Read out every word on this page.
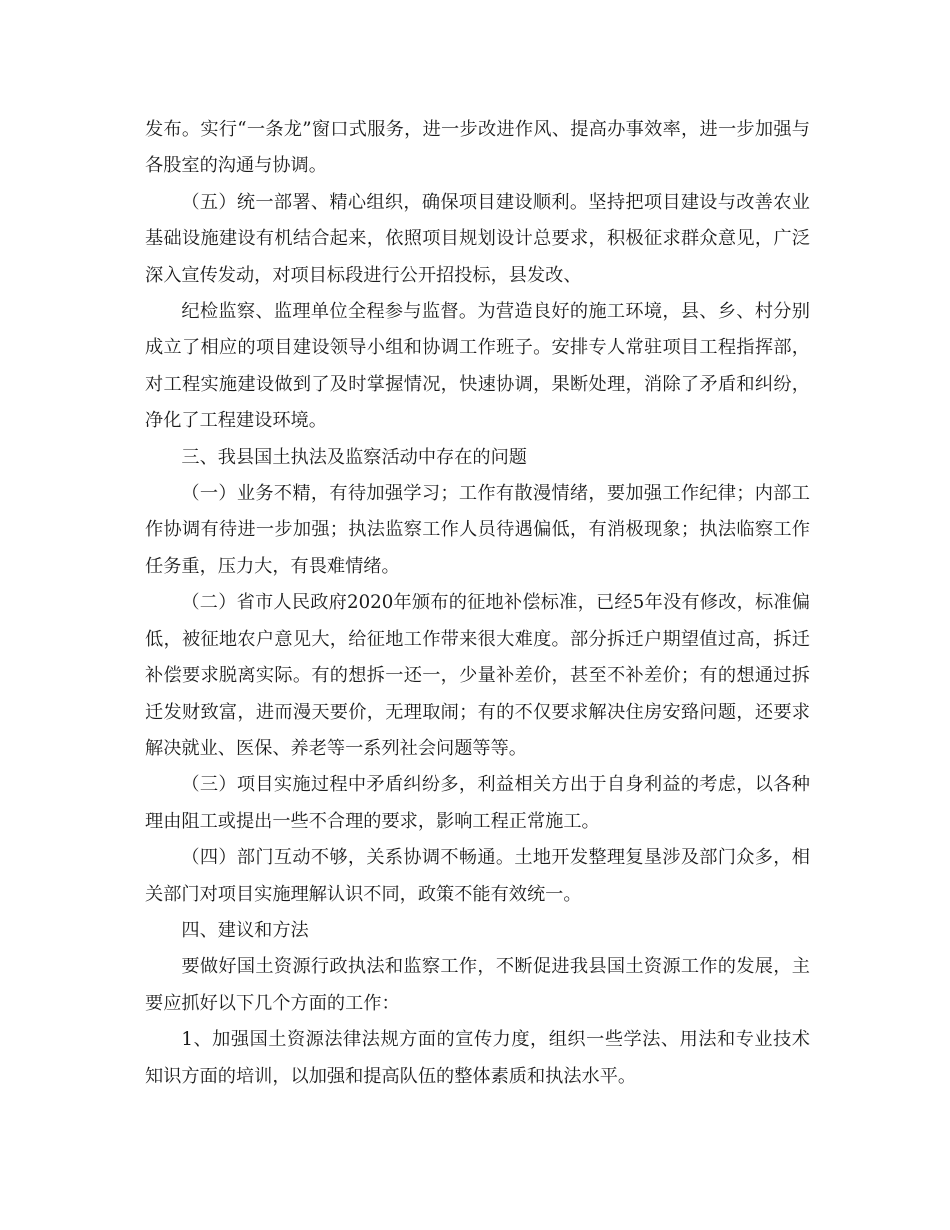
发布。实行“一条龙”窗口式服务，进一步改进作风、提高办事效率，进一步加强与各股室的沟通与协调。

（五）统一部署、精心组织，确保项目建设顺利。坚持把项目建设与改善农业基础设施建设有机结合起来，依照项目规划设计总要求，积极征求群众意见，广泛深入宣传发动，对项目标段进行公开招投标，县发改、

纪检监察、监理单位全程参与监督。为营造良好的施工环境，县、乡、村分别成立了相应的项目建设领导小组和协调工作班子。安排专人常驻项目工程指挥部，对工程实施建设做到了及时掌握情况，快速协调，果断处理，消除了矛盾和纠纷，净化了工程建设环境。

三、我县国土执法及监察活动中存在的问题

（一）业务不精，有待加强学习；工作有散漫情绪，要加强工作纪律；内部工作协调有待进一步加强；执法监察工作人员待遇偏低，有消极现象；执法临察工作任务重，压力大，有畏难情绪。

（二）省市人民政府2020年颁布的征地补偿标准，已经5年没有修改，标准偏低，被征地农户意见大，给征地工作带来很大难度。部分拆迁户期望值过高，拆迁补偿要求脱离实际。有的想拆一还一，少量补差价，甚至不补差价；有的想通过拆迁发财致富，进而漫天要价，无理取闹；有的不仅要求解决住房安臵问题，还要求解决就业、医保、养老等一系列社会问题等等。

（三）项目实施过程中矛盾纠纷多，利益相关方出于自身利益的考虑，以各种理由阻工或提出一些不合理的要求，影响工程正常施工。

（四）部门互动不够，关系协调不畅通。土地开发整理复垦涉及部门众多，相关部门对项目实施理解认识不同，政策不能有效统一。

四、建议和方法

要做好国土资源行政执法和监察工作，不断促进我县国土资源工作的发展，主要应抓好以下几个方面的工作：

1、加强国土资源法律法规方面的宣传力度，组织一些学法、用法和专业技术知识方面的培训，以加强和提高队伍的整体素质和执法水平。
